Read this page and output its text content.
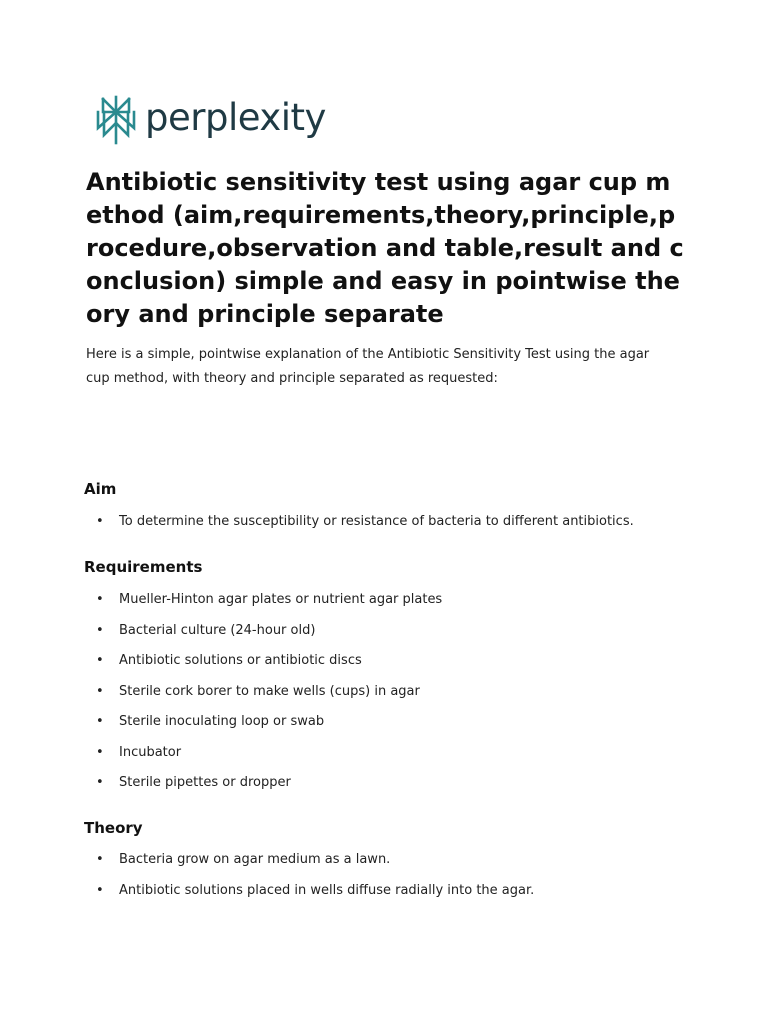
perplexity
Antibiotic sensitivity test using agar cup method (aim,requirements,theory,principle,procedure,observation and table,result and conclusion) simple and easy in pointwise theory and principle separate

Here is a simple, pointwise explanation of the Antibiotic Sensitivity Test using the agar cup method, with theory and principle separated as requested:

Aim
• To determine the susceptibility or resistance of bacteria to different antibiotics.
Requirements
• Mueller-Hinton agar plates or nutrient agar plates
• Bacterial culture (24-hour old)
• Antibiotic solutions or antibiotic discs
• Sterile cork borer to make wells (cups) in agar
• Sterile inoculating loop or swab
• Incubator
• Sterile pipettes or dropper
Theory
• Bacteria grow on agar medium as a lawn.
• Antibiotic solutions placed in wells diffuse radially into the agar.
